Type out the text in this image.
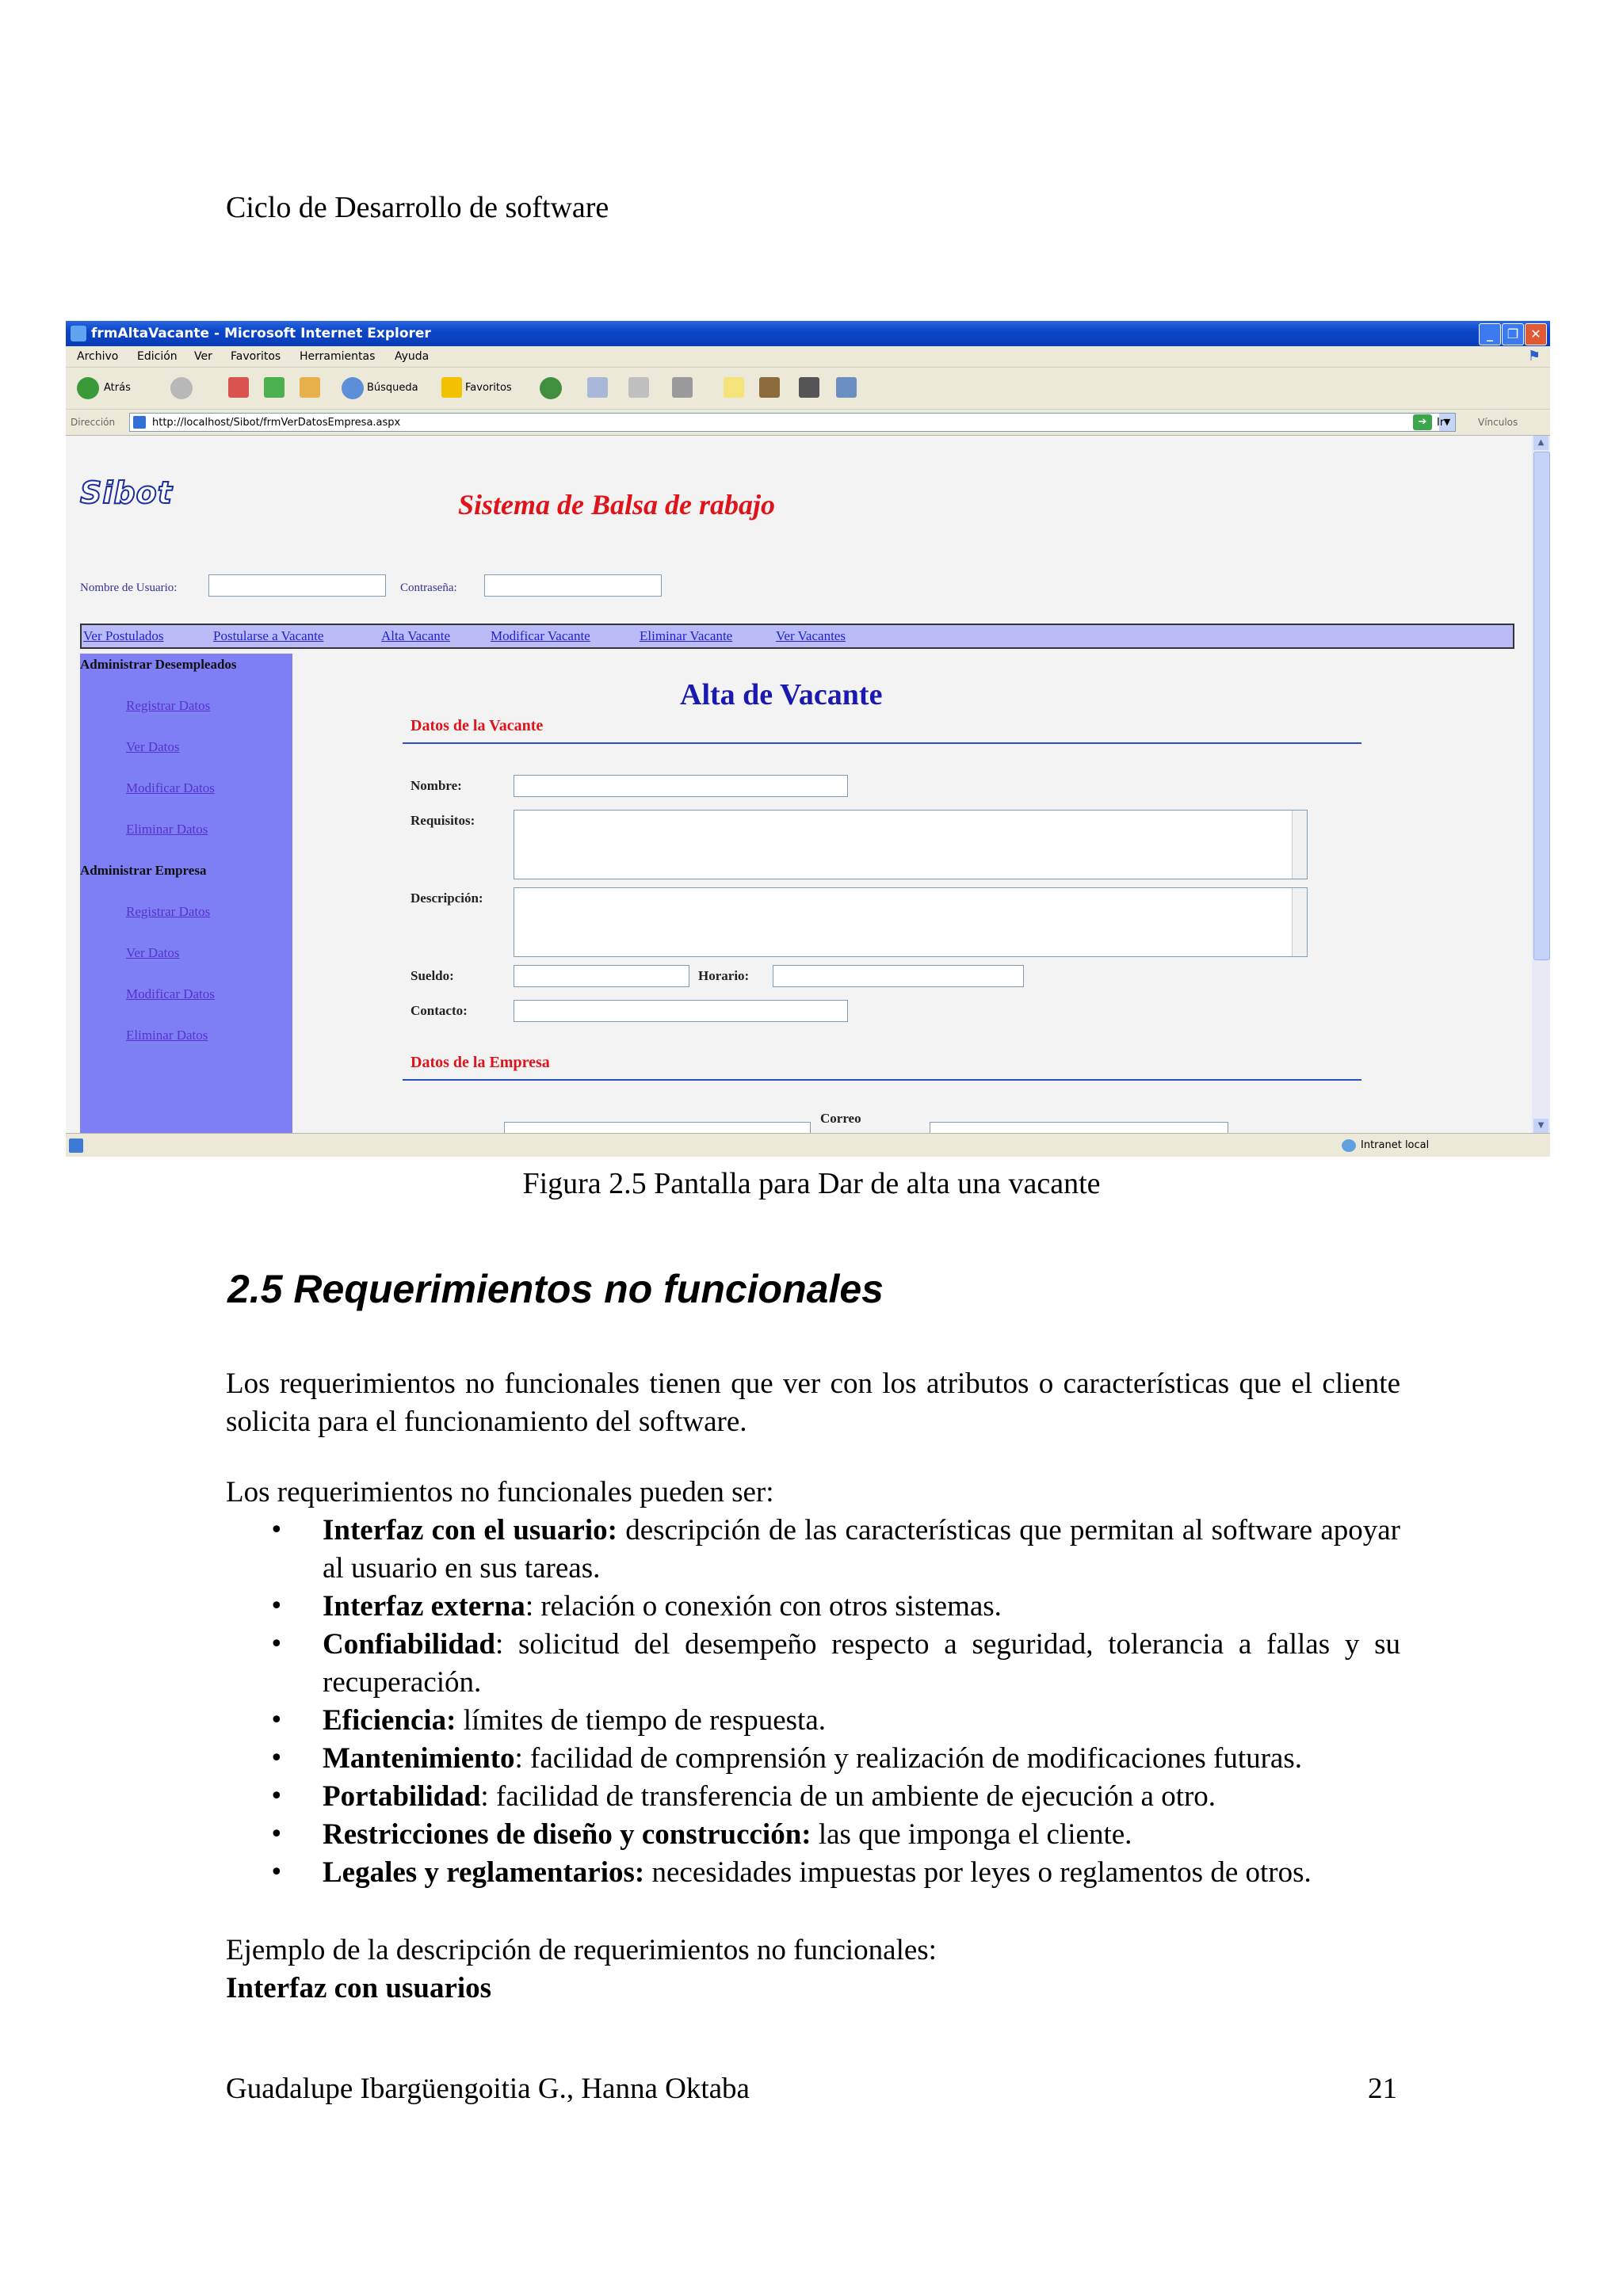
Ciclo de Desarrollo de software
frmAltaVacante - Microsoft Internet Explorer	_	❐ ✕
Archivo Edición Ver Favoritos Herramientas Ayuda	⚑
Atrás	Búsqueda	Favoritos
Dirección	http://localhost/Sibot/frmVerDatosEmpresa.aspx	▼
➔ Ir	Vínculos
Sibot	Sistema de Balsa de rabajo
Nombre de Usuario:	Contraseña:
Ver Postulados	Postularse a Vacante	Alta Vacante	Modificar Vacante	Eliminar Vacante	Ver Vacantes
Administrar Desempleados
Registrar Datos
Ver Datos
Modificar Datos
Eliminar Datos
Administrar Empresa
Registrar Datos
Ver Datos
Modificar Datos
Eliminar Datos
Alta de Vacante
Datos de la Vacante
Nombre:
Requisitos:
Descripción:
Sueldo:	Horario:
Contacto:
Datos de la Empresa
Correo
▲
▼
Intranet local
Figura 2.5 Pantalla para Dar de alta una vacante
2.5 Requerimientos no funcionales
Los requerimientos no funcionales tienen que ver con los atributos o características que el cliente solicita para el funcionamiento del software.
Los requerimientos no funcionales pueden ser:
• Interfaz con el usuario: descripción de las características que permitan al software apoyar al usuario en sus tareas.
• Interfaz externa: relación o conexión con otros sistemas.
• Confiabilidad: solicitud del desempeño respecto a seguridad, tolerancia a fallas y su recuperación.
• Eficiencia: límites de tiempo de respuesta.
• Mantenimiento: facilidad de comprensión y realización de modificaciones futuras.
• Portabilidad: facilidad de transferencia de un ambiente de ejecución a otro.
• Restricciones de diseño y construcción: las que imponga el cliente.
• Legales y reglamentarios: necesidades impuestas por leyes o reglamentos de otros.
Ejemplo de la descripción de requerimientos no funcionales:
Interfaz con usuarios
Guadalupe Ibargüengoitia G., Hanna Oktaba	21
